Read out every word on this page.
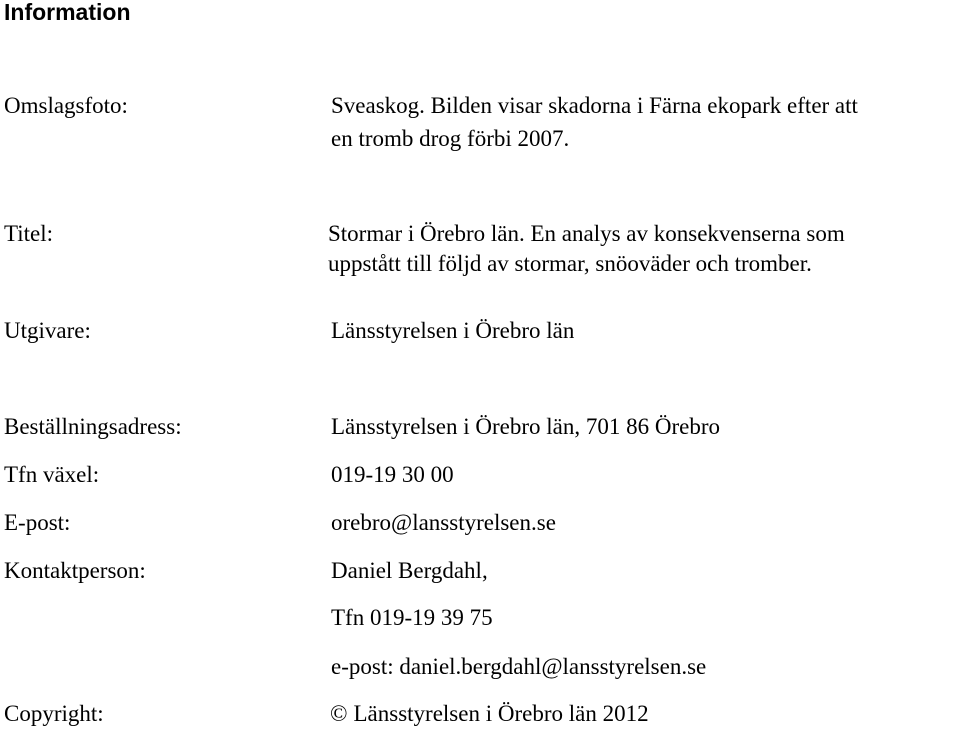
Information
Omslagsfoto:	Sveaskog. Bilden visar skadorna i Färna ekopark efter att
en tromb drog förbi 2007.
Titel:	Stormar i Örebro län. En analys av konsekvenserna som
uppstått till följd av stormar, snöoväder och tromber.
Utgivare:	Länsstyrelsen i Örebro län
Beställningsadress:	Länsstyrelsen i Örebro län, 701 86 Örebro
Tfn växel:	019-19 30 00
E-post:	orebro@lansstyrelsen.se
Kontaktperson:	Daniel Bergdahl,
Tfn 019-19 39 75
e-post: daniel.bergdahl@lansstyrelsen.se
Copyright:	© Länsstyrelsen i Örebro län 2012
